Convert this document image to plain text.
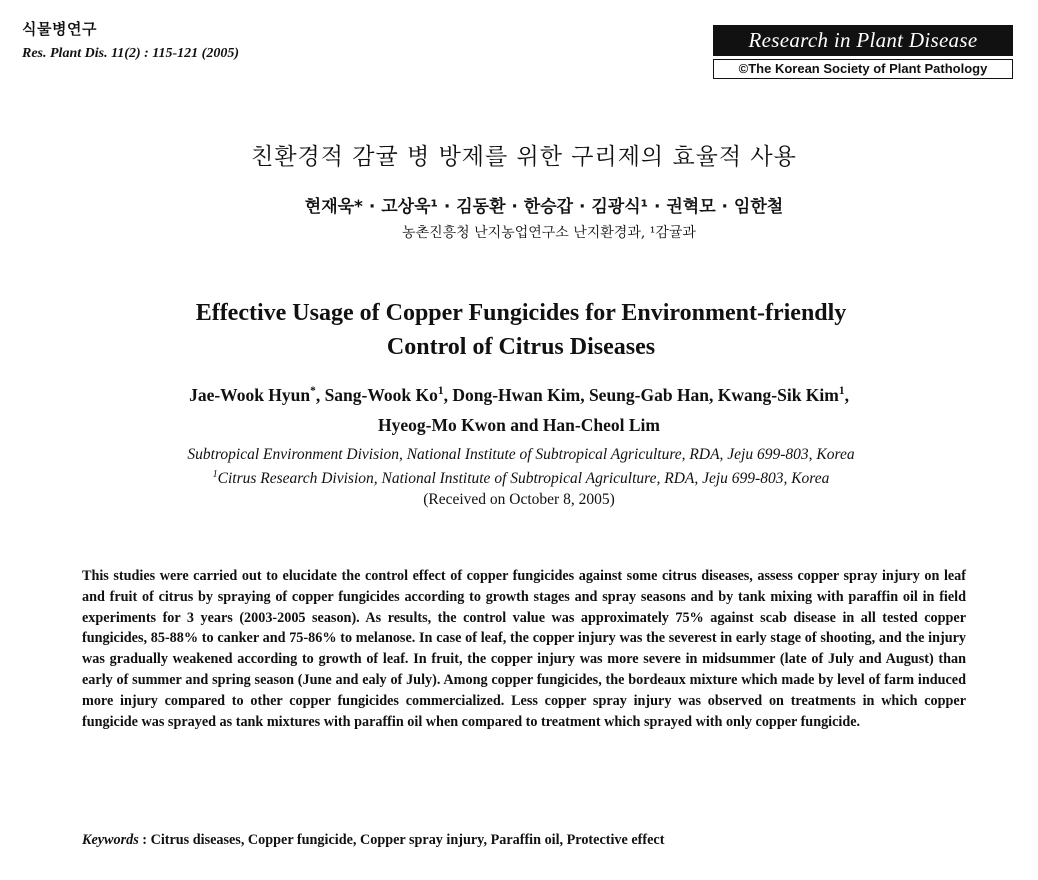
식물병연구
Res. Plant Dis. 11(2) : 115-121 (2005)
Research in Plant Disease
©The Korean Society of Plant Pathology
친환경적 감귤 병 방제를 위한 구리제의 효율적 사용
현재욱* · 고상욱¹ · 김동환 · 한승갑 · 김광식¹ · 권혁모 · 임한철
농촌진흥청 난지농업연구소 난지환경과, ¹감귤과
Effective Usage of Copper Fungicides for Environment-friendly
Control of Citrus Diseases
Jae-Wook Hyun*, Sang-Wook Ko$^1$, Dong-Hwan Kim, Seung-Gab Han, Kwang-Sik Kim$^1$,
Hyeog-Mo Kwon and Han-Cheol Lim
Subtropical Environment Division, National Institute of Subtropical Agriculture, RDA, Jeju 699-803, Korea
$^1$Citrus Research Division, National Institute of Subtropical Agriculture, RDA, Jeju 699-803, Korea
(Received on October 8, 2005)

This studies were carried out to elucidate the control effect of copper fungicides against some citrus diseases, assess copper spray injury on leaf and fruit of citrus by spraying of copper fungicides according to growth stages and spray seasons and by tank mixing with paraffin oil in field experiments for 3 years (2003-2005 season). As results, the control value was approximately 75% against scab disease in all tested copper fungicides, 85-88% to canker and 75-86% to melanose. In case of leaf, the copper injury was the severest in early stage of shooting, and the injury was gradually weakened according to growth of leaf. In fruit, the copper injury was more severe in midsummer (late of July and August) than early of summer and spring season (June and ealy of July). Among copper fungicides, the bordeaux mixture which made by level of farm induced more injury compared to other copper fungicides commercialized. Less copper spray injury was observed on treatments in which copper fungicide was sprayed as tank mixtures with paraffin oil when compared to treatment which sprayed with only copper fungicide.

Keywords : Citrus diseases, Copper fungicide, Copper spray injury, Paraffin oil, Protective effect
